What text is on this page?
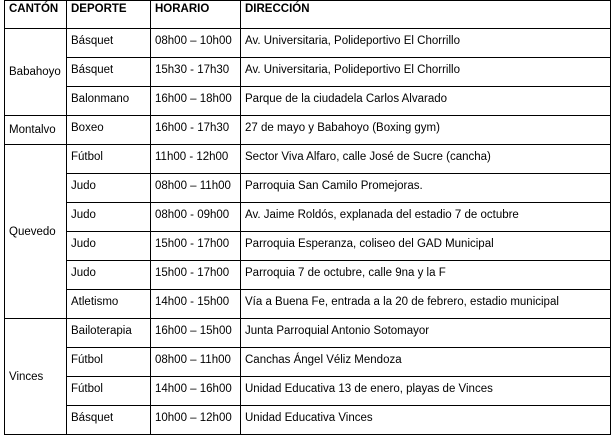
CANTÓN	DEPORTE	HORARIO	DIRECCIÓN
Babahoyo	Básquet	08h00 – 10h00	Av. Universitaria, Polideportivo El Chorrillo
	Básquet	15h30 - 17h30	Av. Universitaria, Polideportivo El Chorrillo
	Balonmano	16h00 – 18h00	Parque de la ciudadela Carlos Alvarado
Montalvo	Boxeo	16h00 - 17h30	27 de mayo y Babahoyo (Boxing gym)
Quevedo	Fútbol	11h00 - 12h00	Sector Viva Alfaro, calle José de Sucre (cancha)
	Judo	08h00 – 11h00	Parroquia San Camilo Promejoras.
	Judo	08h00 - 09h00	Av. Jaime Roldós, explanada del estadio 7 de octubre
	Judo	15h00 - 17h00	Parroquia Esperanza, coliseo del GAD Municipal
	Judo	15h00 - 17h00	Parroquia 7 de octubre, calle 9na y la F
	Atletismo	14h00 - 15h00	Vía a Buena Fe, entrada a la 20 de febrero, estadio municipal
Vinces	Bailoterapia	16h00 – 15h00	Junta Parroquial Antonio Sotomayor
	Fútbol	08h00 – 11h00	Canchas Ángel Véliz Mendoza
	Fútbol	14h00 – 16h00	Unidad Educativa 13 de enero, playas de Vinces
	Básquet	10h00 – 12h00	Unidad Educativa Vinces
